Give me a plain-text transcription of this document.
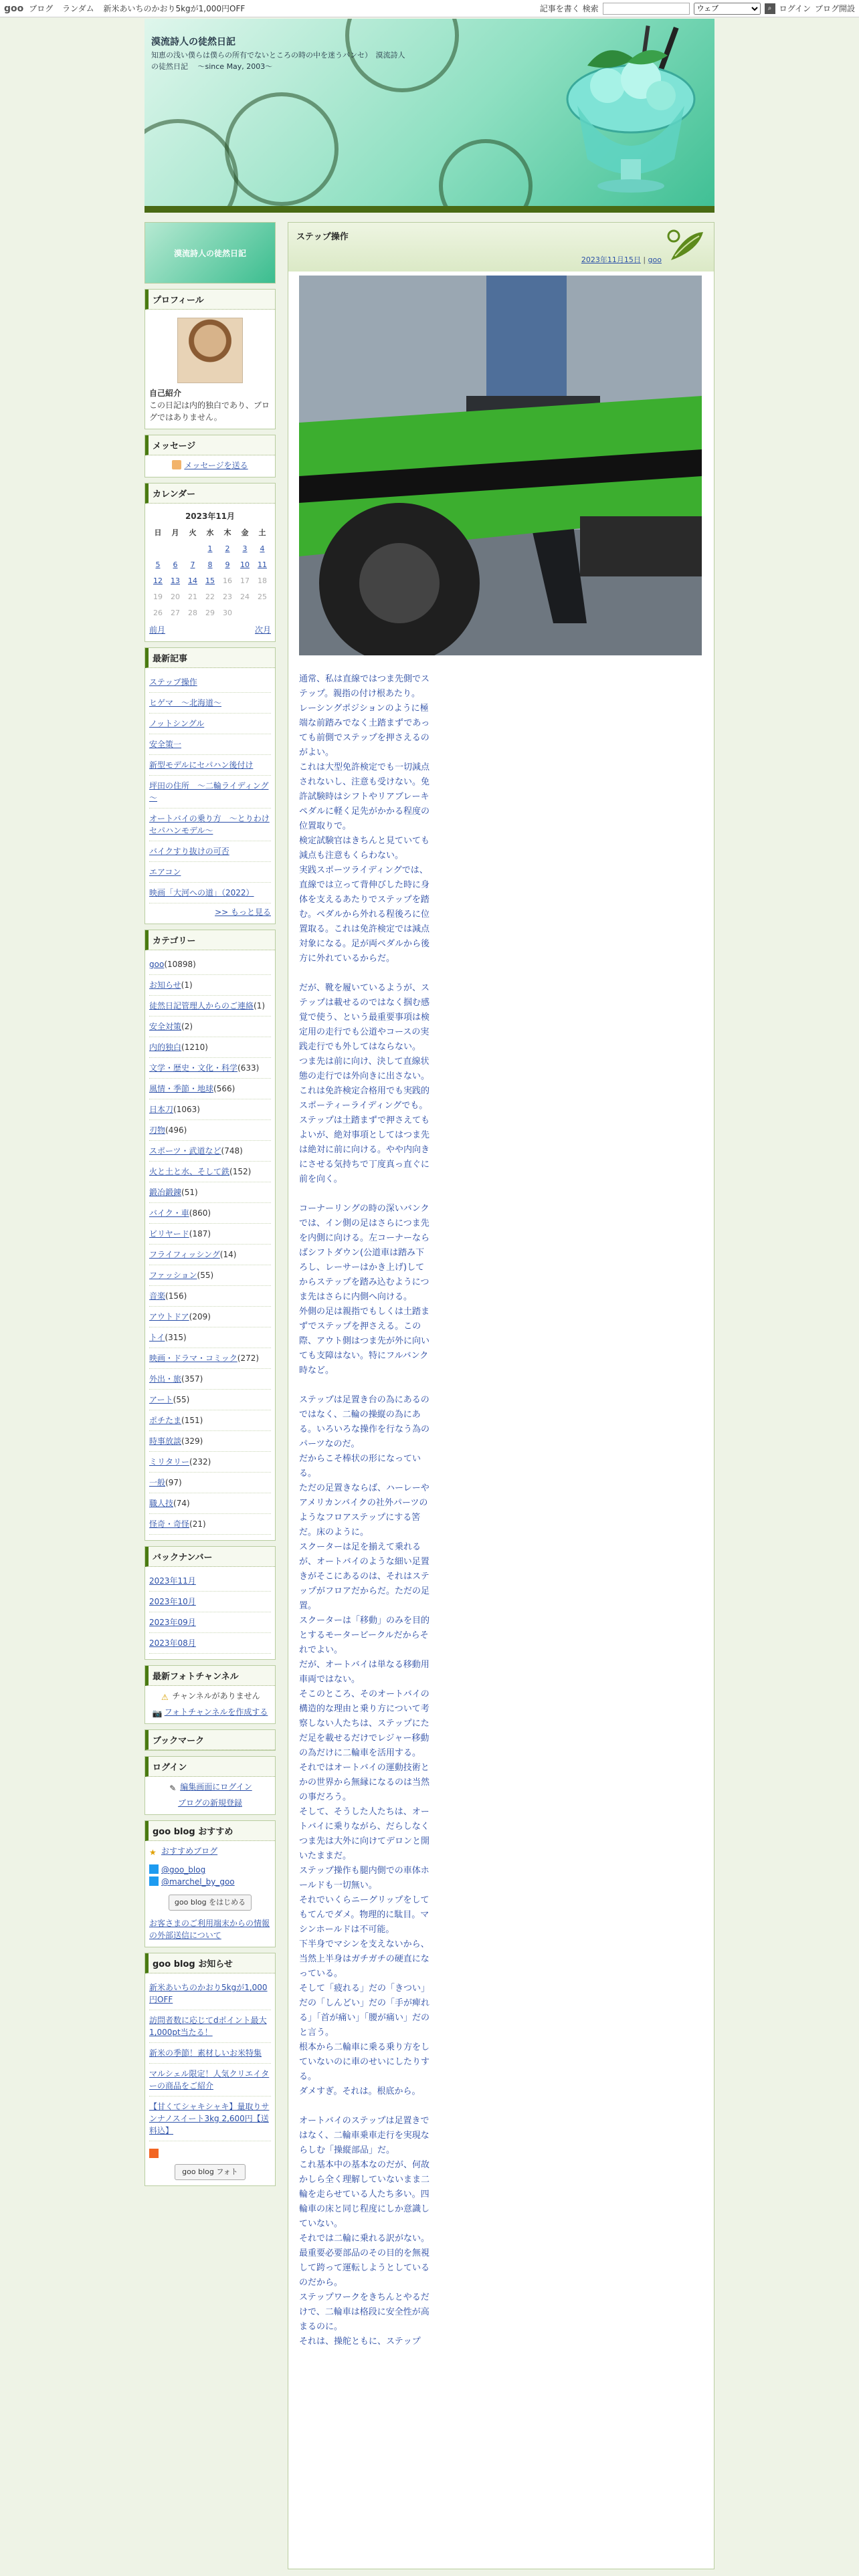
goo ブログ ランダム 新米あいちのかおり5kgが1,000円OFF	記事を書く 検索
ウェブ	⌕ ログイン ブログ開設
漠流詩人の徒然日記
知恵の浅い僕らは僕らの所有でないところの時の中を迷うパンセ）　漠流詩人の徒然日記　 ～since May, 2003～
漠流詩人の徒然日記
プロフィール
自己紹介
この日記は内的独白であり、ブログではありません。
メッセージ
メッセージを送る
カレンダー
2023年11月
日	月	火	水	木	金	土
			1	2	3	4
5	6	7	8	9	10	11
12	13	14	15	16	17	18
19	20	21	22	23	24	25
26	27	28	29	30		
前月	次月
最新記事
ステップ操作
ヒゲマ　～北海道～
ノットシングル
安全策一
新型モデルにセパハン後付け
坪田の住所　～二輪ライディング～
オートバイの乗り方　～とりわけセパハンモデル～
バイクすり抜けの可否
エアコン
映画「大河への道」（2022）
>> もっと見る
カテゴリー
goo(10898)
お知らせ(1)
徒然日記管理人からのご連絡(1)
安全対策(2)
内的独白(1210)
文学・歴史・文化・科学(633)
風情・季節・地球(566)
日本刀(1063)
刃物(496)
スポーツ・武道など(748)
火と土と水、そして鉄(152)
鍛冶鍛錬(51)
バイク・車(860)
ビリヤード(187)
フライフィッシング(14)
ファッション(55)
音楽(156)
アウトドア(209)
トイ(315)
映画・ドラマ・コミック(272)
外出・旅(357)
アート(55)
ポチたま(151)
時事放談(329)
ミリタリー(232)
一般(97)
職人技(74)
怪奇・奇怪(21)
バックナンバー
2023年11月
2023年10月
2023年09月
2023年08月
最新フォトチャンネル
⚠ チャンネルがありません
📷 フォトチャンネルを作成する
ブックマーク
ログイン
✎ 編集画面にログイン
ブログの新規登録
goo blog おすすめ
★ おすすめブログ
@goo_blog
@marchel_by_goo
goo blog をはじめる
お客さまのご利用端末からの情報の外部送信について
goo blog お知らせ
新米あいちのかおり5kgが1,000円OFF
訪問者数に応じてdポイント最大1,000pt当たる！
新米の季節！素材しいお米特集
マルシェル限定！人気クリエイターの商品をご紹介
【甘くてシャキシャキ】量取りサンナノスイート3kg 2,600円【送料込】
goo blog フォト
ステップ操作
2023年11月15日 | goo
通常、私は直線ではつま先側でステップ。親指の付け根あたり。
レーシングポジションのように極端な前踏みでなく土踏まずであっても前側でステップを押さえるのがよい。
これは大型免許検定でも一切減点されないし、注意も受けない。免許試験時はシフトやリアブレーキペダルに軽く足先がかかる程度の位置取りで。
検定試験官はきちんと見ていても減点も注意もくらわない。
実践スポーツライディングでは、直線では立って背伸びした時に身体を支えるあたりでステップを踏む。ペダルから外れる程後ろに位置取る。これは免許検定では減点対象になる。足が両ペダルから後方に外れているからだ。
だが、靴を履いているようが、ステップは載せるのではなく掴む感覚で使う、という最重要事項は検定用の走行でも公道やコースの実践走行でも外してはならない。
つま先は前に向け、決して直線状態の走行では外向きに出さない。これは免許検定合格用でも実践的スポーティーライディングでも。
ステップは土踏まずで押さえてもよいが、絶対事項としてはつま先は絶対に前に向ける。やや内向きにさせる気持ちで丁度真っ直ぐに前を向く。
コーナーリングの時の深いバンクでは、イン側の足はさらにつま先を内側に向ける。左コーナーならばシフトダウン(公道車は踏み下ろし、レーサーはかき上げ)してからステップを踏み込むようにつま先はさらに内側へ向ける。
外側の足は親指でもしくは土踏まずでステップを押さえる。この際、アウト側はつま先が外に向いても支障はない。特にフルバンク時など。
ステップは足置き台の為にあるのではなく、二輪の操縦の為にある。いろいろな操作を行なう為のパーツなのだ。
だからこそ棒状の形になっている。
ただの足置きならば、ハーレーやアメリカンバイクの社外パーツのようなフロアステップにする筈だ。床のように。
スクーターは足を揃えて乗れるが、オートバイのような細い足置きがそこにあるのは、それはステップがフロアだからだ。ただの足置。
スクーターは「移動」のみを目的とするモータービークルだからそれでよい。
だが、オートバイは単なる移動用車両ではない。
そこのところ、そのオートバイの構造的な理由と乗り方について考察しない人たちは、ステップにただ足を載せるだけでレジャー移動の為だけに二輪車を活用する。
それではオートバイの運動技術とかの世界から無縁になるのは当然の事だろう。
そして、そうした人たちは、オートバイに乗りながら、だらしなくつま先は大外に向けてデロンと開いたままだ。
ステップ操作も腿内側での車体ホールドも一切無い。
それでいくらニーグリップをしてもてんでダメ。物理的に駄目。マシンホールドは不可能。
下半身でマシンを支えないから、当然上半身はガチガチの硬直になっている。
そして「疲れる」だの「きつい」だの「しんどい」だの「手が痺れる」「首が痛い」「腰が痛い」だのと言う。
根本から二輪車に乗る乗り方をしていないのに車のせいにしたりする。
ダメすぎ。それは。根底から。
オートバイのステップは足置きではなく、二輪車乗車走行を実現ならしむ「操縦部品」だ。
これ基本中の基本なのだが、何故かしら全く理解していないまま二輪を走らせている人たち多い。四輪車の床と同じ程度にしか意識していない。
それでは二輪に乗れる訳がない。
最重要必要部品のその目的を無視して跨って運転しようとしているのだから。
ステップワークをきちんとやるだけで、二輪車は格段に安全性が高まるのに。
それは、操舵ともに、ステップ
